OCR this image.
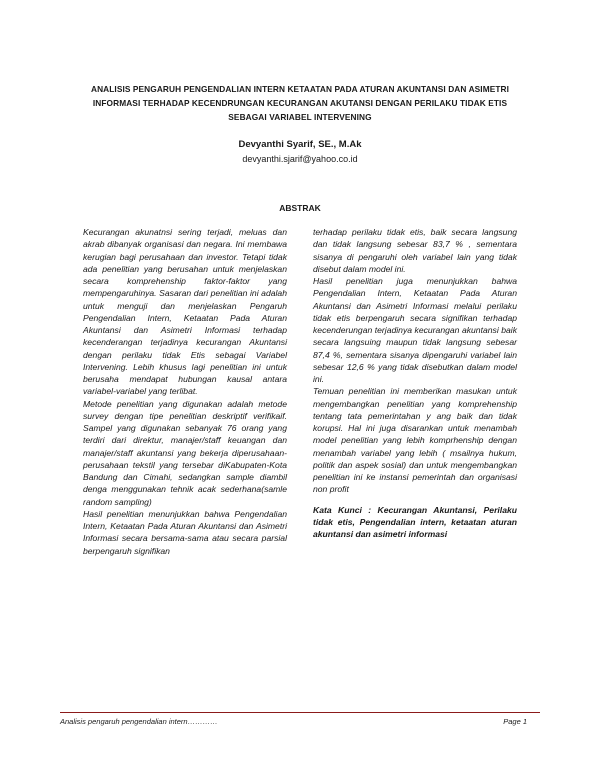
ANALISIS PENGARUH PENGENDALIAN INTERN KETAATAN PADA ATURAN AKUNTANSI DAN ASIMETRI
INFORMASI TERHADAP KECENDRUNGAN KECURANGAN AKUTANSI DENGAN PERILAKU TIDAK ETIS
SEBAGAI VARIABEL INTERVENING
Devyanthi Syarif, SE., M.Ak
devyanthi.sjarif@yahoo.co.id
ABSTRAK

Kecurangan akunatnsi sering terjadi, meluas dan akrab dibanyak organisasi dan negara. Ini membawa kerugian bagi perusahaan dan investor. Tetapi tidak ada penelitian yang berusahan untuk menjelaskan secara komprehenship faktor-faktor yang mempengaruhinya. Sasaran dari penelitian ini adalah untuk menguji dan menjelaskan Pengaruh Pengendalian Intern, Ketaatan Pada Aturan Akuntansi dan Asimetri Informasi terhadap kecenderangan terjadinya kecurangan Akuntansi dengan perilaku tidak Etis sebagai Variabel Intervening. Lebih khusus lagi penelitian ini untuk berusaha mendapat hubungan kausal antara variabel-variabel yang terlibat.

Metode penelitian yang digunakan adalah metode survey dengan tipe penelitian deskriptif verifikaif. Sampel yang digunakan sebanyak 76 orang yang terdiri dari direktur, manajer/staff keuangan dan manajer/staff akuntansi yang bekerja diperusahaan-perusahaan tekstil yang tersebar diKabupaten-Kota Bandung dan Cimahi, sedangkan sample diambil denga menggunakan tehnik acak sederhana(samle random sampling)

Hasil penelitian menunjukkan bahwa Pengendalian Intern, Ketaatan Pada Aturan Akuntansi dan Asimetri Informasi secara bersama-sama atau secara parsial berpengaruh signifikan

terhadap perilaku tidak etis, baik secara langsung dan tidak langsung sebesar 83,7 % , sementara sisanya di pengaruhi oleh variabel lain yang tidak disebut dalam model ini.

Hasil penelitian juga menunjukkan bahwa Pengendalian Intern, Ketaatan Pada Aturan Akuntansi dan Asimetri Informasi melalui perilaku tidak etis berpengaruh secara signifikan terhadap kecenderungan terjadinya kecurangan akuntansi baik secara langsuing maupun tidak langsung sebesar 87,4 %, sementara sisanya dipengaruhi variabel lain sebesar 12,6 % yang tidak disebutkan dalam model ini.

Temuan penelitian ini memberikan masukan untuk mengembangkan penelitian yang komprehenship tentang tata pemerintahan y ang baik dan tidak korupsi. Hal ini juga disarankan untuk menambah model penelitian yang lebih komprhenship dengan menambah variabel yang lebih ( msailnya hukum, politik dan aspek sosial) dan untuk mengembangkan penelitian ini ke instansi pemerintah dan organisasi non profit

Kata Kunci : Kecurangan Akuntansi, Perilaku tidak etis, Pengendalian intern, ketaatan aturan akuntansi dan asimetri informasi

Analisis pengaruh pengendalian intern…………	Page 1
